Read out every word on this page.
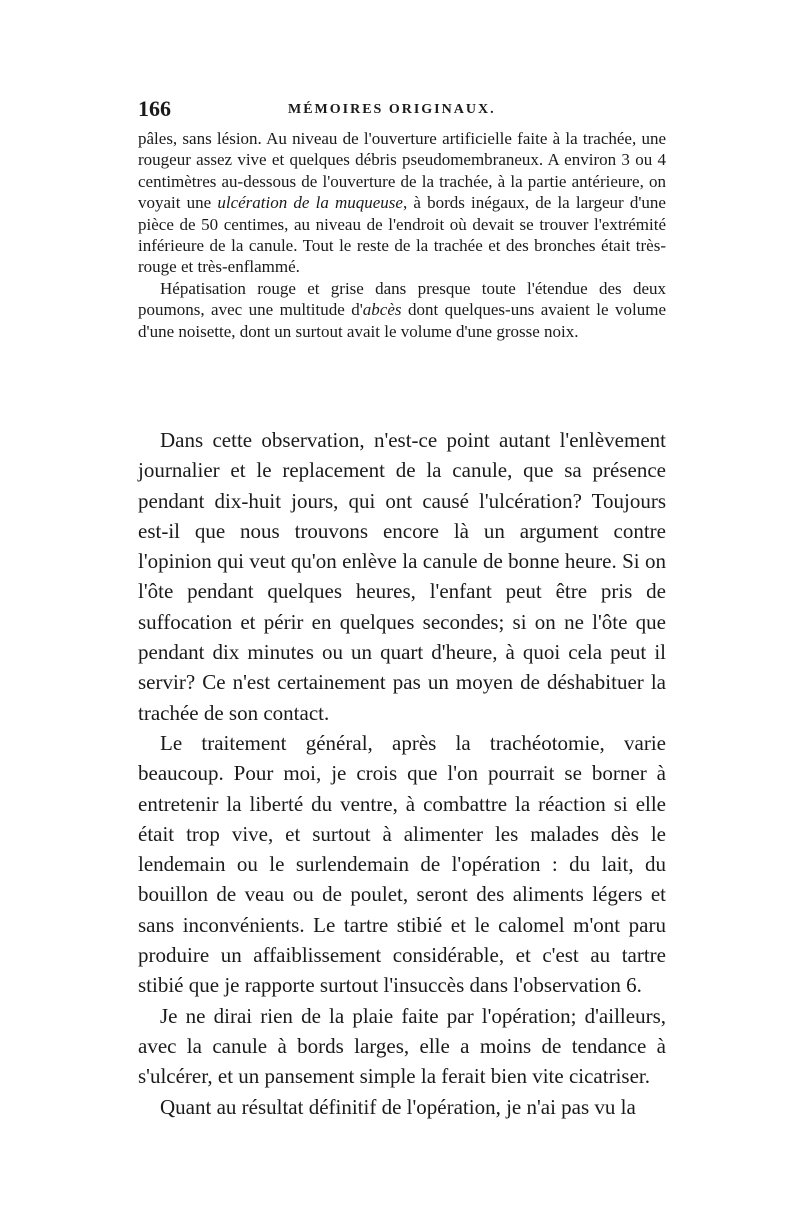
166	MÉMOIRES ORIGINAUX.

pâles, sans lésion. Au niveau de l'ouverture artificielle faite à la trachée, une rougeur assez vive et quelques débris pseudomembraneux. A environ 3 ou 4 centimètres au-dessous de l'ouverture de la trachée, à la partie antérieure, on voyait une ulcération de la muqueuse, à bords inégaux, de la largeur d'une pièce de 50 centimes, au niveau de l'endroit où devait se trouver l'extrémité inférieure de la canule. Tout le reste de la trachée et des bronches était très-rouge et très-enflammé.

Hépatisation rouge et grise dans presque toute l'étendue des deux poumons, avec une multitude d'abcès dont quelques-uns avaient le volume d'une noisette, dont un surtout avait le volume d'une grosse noix.

Dans cette observation, n'est-ce point autant l'enlèvement journalier et le replacement de la canule, que sa présence pendant dix-huit jours, qui ont causé l'ulcération? Toujours est-il que nous trouvons encore là un argument contre l'opinion qui veut qu'on enlève la canule de bonne heure. Si on l'ôte pendant quelques heures, l'enfant peut être pris de suffocation et périr en quelques secondes; si on ne l'ôte que pendant dix minutes ou un quart d'heure, à quoi cela peut il servir? Ce n'est certainement pas un moyen de déshabituer la trachée de son contact.

Le traitement général, après la trachéotomie, varie beaucoup. Pour moi, je crois que l'on pourrait se borner à entretenir la liberté du ventre, à combattre la réaction si elle était trop vive, et surtout à alimenter les malades dès le lendemain ou le surlendemain de l'opération : du lait, du bouillon de veau ou de poulet, seront des aliments légers et sans inconvénients. Le tartre stibié et le calomel m'ont paru produire un affaiblissement considérable, et c'est au tartre stibié que je rapporte surtout l'insuccès dans l'observation 6.

Je ne dirai rien de la plaie faite par l'opération; d'ailleurs, avec la canule à bords larges, elle a moins de tendance à s'ulcérer, et un pansement simple la ferait bien vite cicatriser.

Quant au résultat définitif de l'opération, je n'ai pas vu la
